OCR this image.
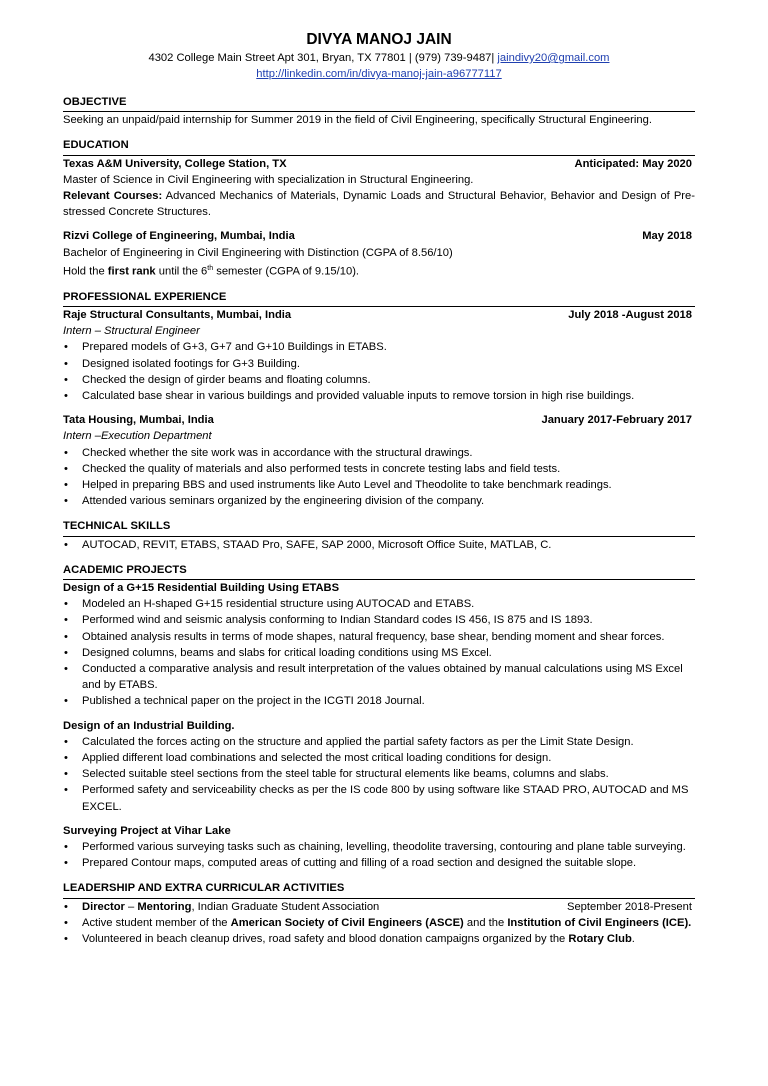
DIVYA MANOJ JAIN
4302 College Main Street Apt 301, Bryan, TX 77801 | (979) 739-9487| jaindivy20@gmail.com
http://linkedin.com/in/divya-manoj-jain-a96777117
OBJECTIVE
Seeking an unpaid/paid internship for Summer 2019 in the field of Civil Engineering, specifically Structural Engineering.
EDUCATION
Texas A&M University, College Station, TX	Anticipated: May 2020
Master of Science in Civil Engineering with specialization in Structural Engineering.
Relevant Courses: Advanced Mechanics of Materials, Dynamic Loads and Structural Behavior, Behavior and Design of Pre-stressed Concrete Structures.
Rizvi College of Engineering, Mumbai, India	May 2018
Bachelor of Engineering in Civil Engineering with Distinction (CGPA of 8.56/10)
Hold the first rank until the 6th semester (CGPA of 9.15/10).
PROFESSIONAL EXPERIENCE
Raje Structural Consultants, Mumbai, India	July 2018 -August 2018
Intern – Structural Engineer
• Prepared models of G+3, G+7 and G+10 Buildings in ETABS.
• Designed isolated footings for G+3 Building.
• Checked the design of girder beams and floating columns.
• Calculated base shear in various buildings and provided valuable inputs to remove torsion in high rise buildings.
Tata Housing, Mumbai, India	January 2017-February 2017
Intern –Execution Department
• Checked whether the site work was in accordance with the structural drawings.
• Checked the quality of materials and also performed tests in concrete testing labs and field tests.
• Helped in preparing BBS and used instruments like Auto Level and Theodolite to take benchmark readings.
• Attended various seminars organized by the engineering division of the company.
TECHNICAL SKILLS
• AUTOCAD, REVIT, ETABS, STAAD Pro, SAFE, SAP 2000, Microsoft Office Suite, MATLAB, C.
ACADEMIC PROJECTS
Design of a G+15 Residential Building Using ETABS
• Modeled an H-shaped G+15 residential structure using AUTOCAD and ETABS.
• Performed wind and seismic analysis conforming to Indian Standard codes IS 456, IS 875 and IS 1893.
• Obtained analysis results in terms of mode shapes, natural frequency, base shear, bending moment and shear forces.
• Designed columns, beams and slabs for critical loading conditions using MS Excel.
• Conducted a comparative analysis and result interpretation of the values obtained by manual calculations using MS Excel and by ETABS.
• Published a technical paper on the project in the ICGTI 2018 Journal.
Design of an Industrial Building.
• Calculated the forces acting on the structure and applied the partial safety factors as per the Limit State Design.
• Applied different load combinations and selected the most critical loading conditions for design.
• Selected suitable steel sections from the steel table for structural elements like beams, columns and slabs.
• Performed safety and serviceability checks as per the IS code 800 by using software like STAAD PRO, AUTOCAD and MS EXCEL.
Surveying Project at Vihar Lake
• Performed various surveying tasks such as chaining, levelling, theodolite traversing, contouring and plane table surveying.
• Prepared Contour maps, computed areas of cutting and filling of a road section and designed the suitable slope.
LEADERSHIP AND EXTRA CURRICULAR ACTIVITIES
• Director – Mentoring, Indian Graduate Student Association	September 2018-Present
• Active student member of the American Society of Civil Engineers (ASCE) and the Institution of Civil Engineers (ICE).
• Volunteered in beach cleanup drives, road safety and blood donation campaigns organized by the Rotary Club.
